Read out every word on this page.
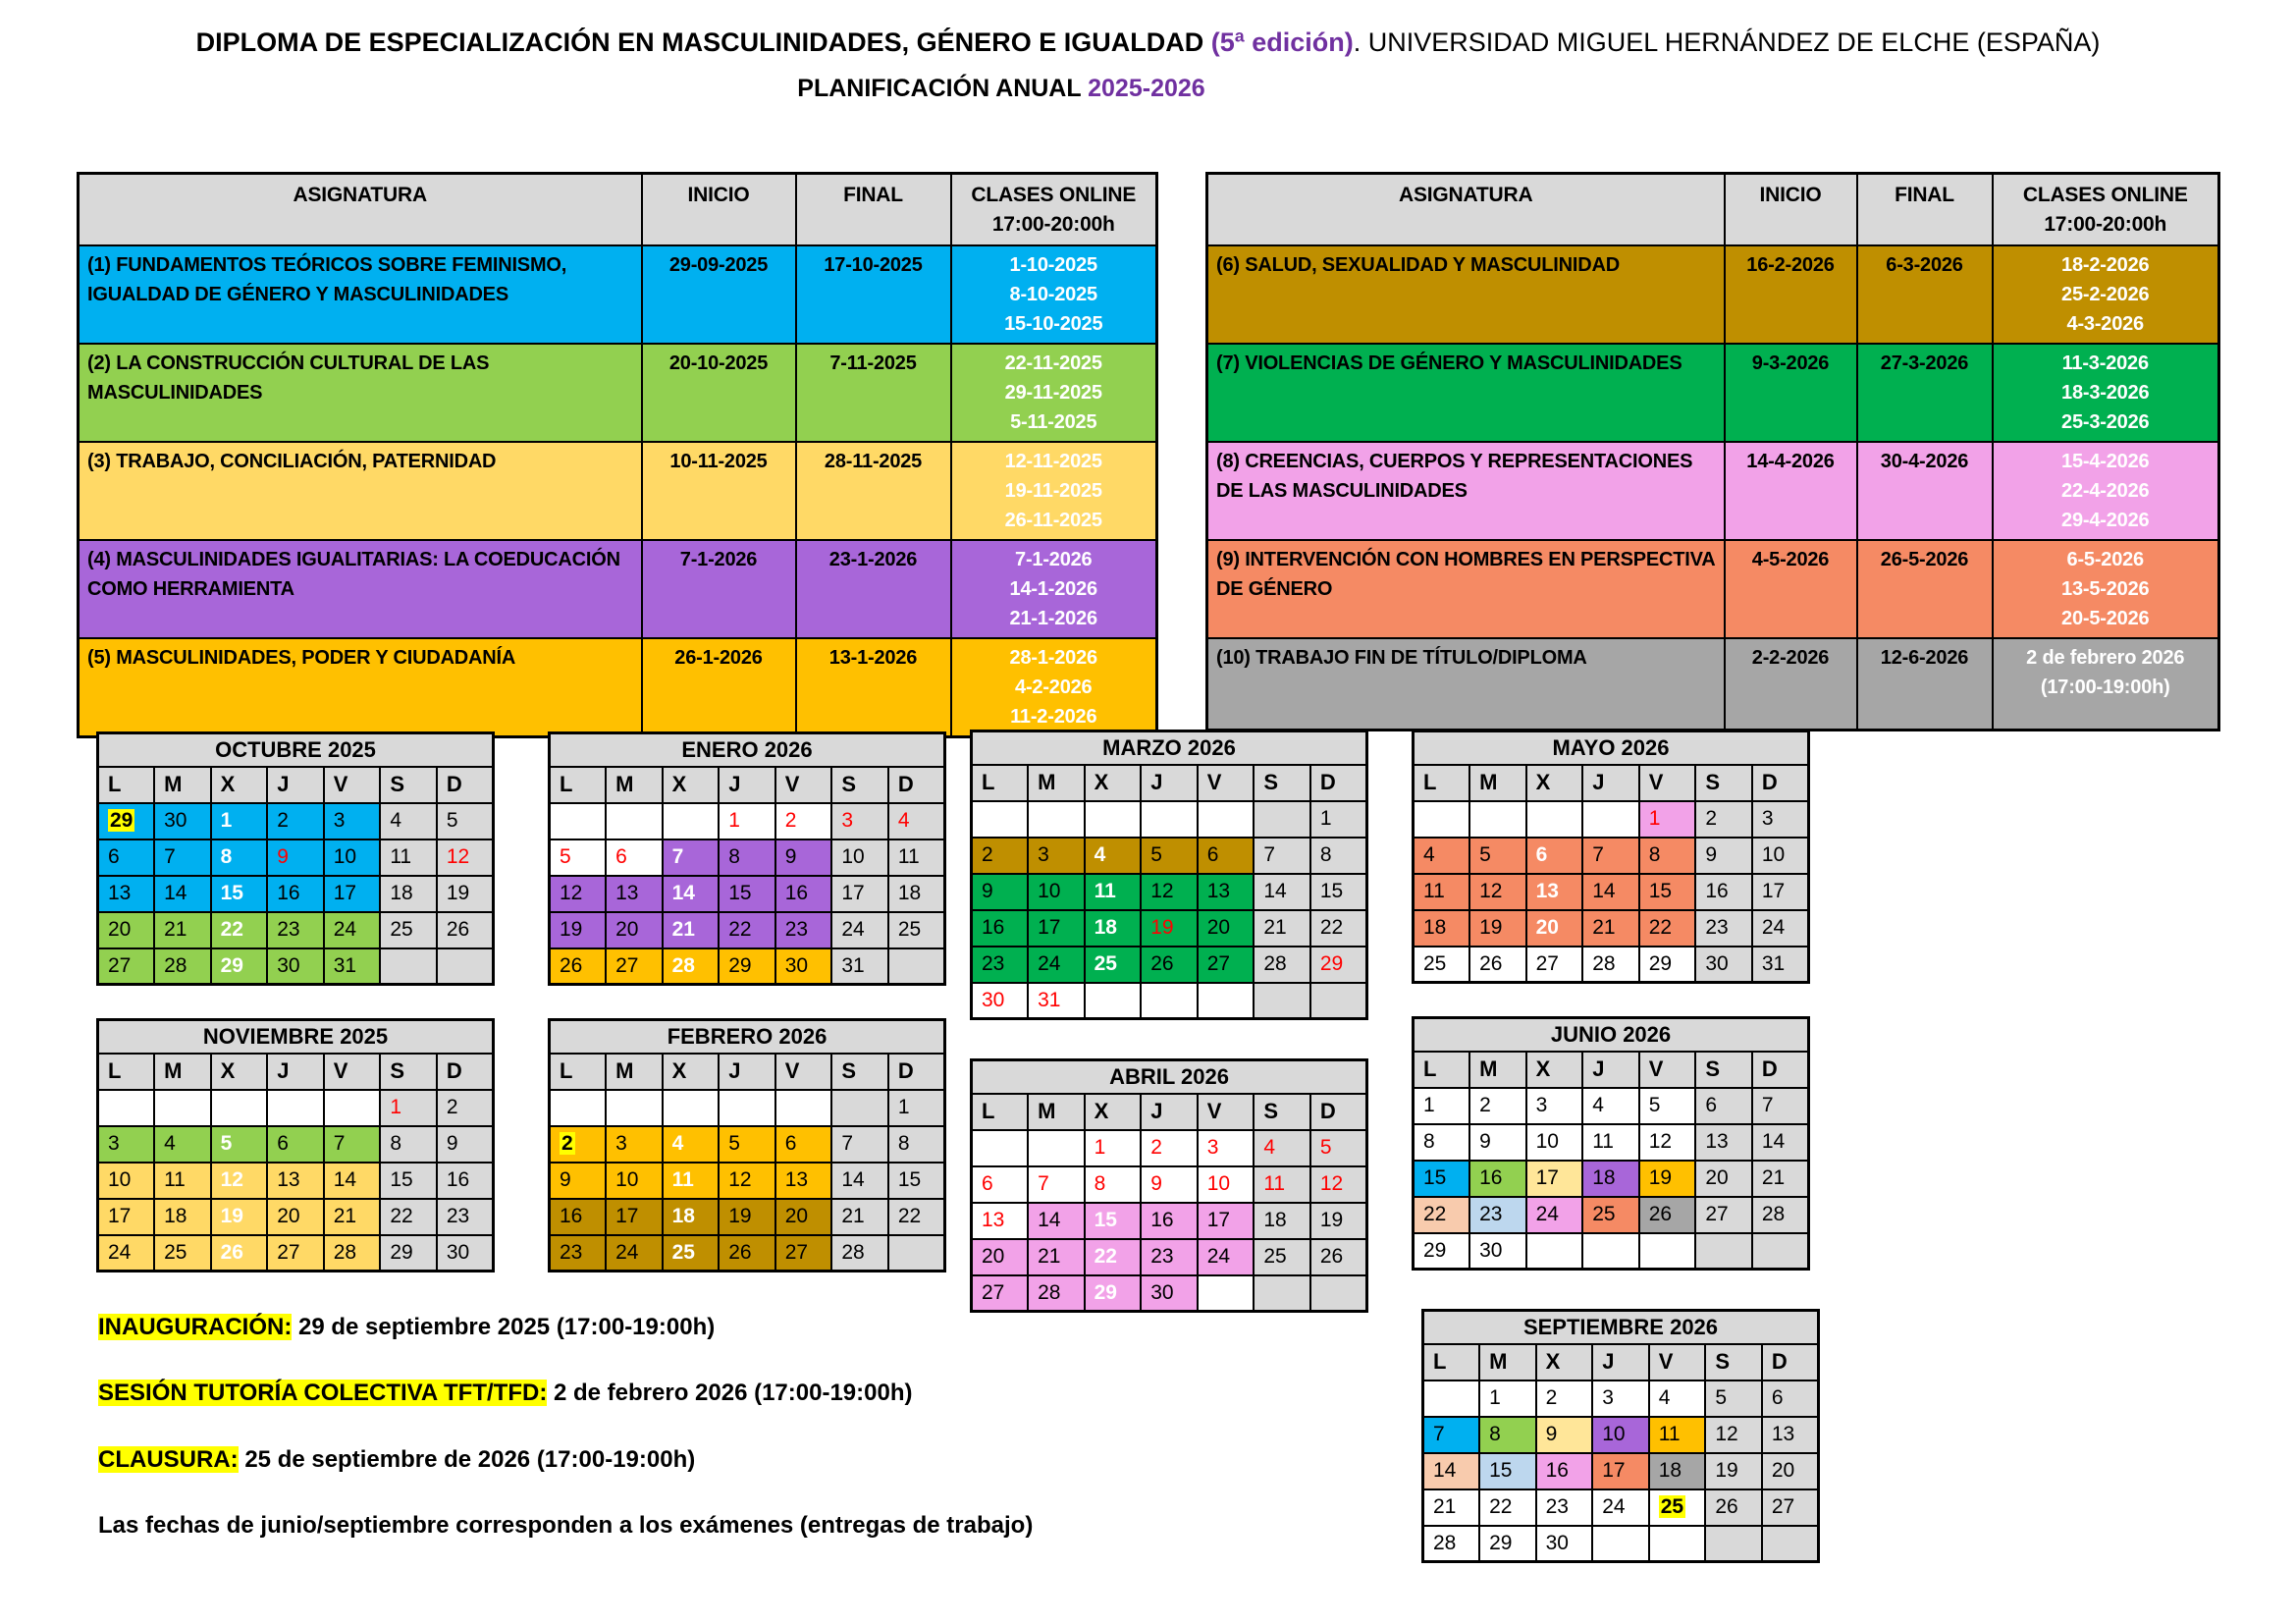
DIPLOMA DE ESPECIALIZACIÓN EN MASCULINIDADES, GÉNERO E IGUALDAD (5ª edición). UNIVERSIDAD MIGUEL HERNÁNDEZ DE ELCHE (ESPAÑA)
PLANIFICACIÓN ANUAL 2025-2026
ASIGNATURA	INICIO	FINAL	CLASES ONLINE
17:00-20:00h
(1) FUNDAMENTOS TEÓRICOS SOBRE FEMINISMO, IGUALDAD DE GÉNERO Y MASCULINIDADES	29-09-2025	17-10-2025	1-10-2025
8-10-2025
15-10-2025
(2) LA CONSTRUCCIÓN CULTURAL DE LAS MASCULINIDADES	20-10-2025	7-11-2025	22-11-2025
29-11-2025
5-11-2025
(3) TRABAJO, CONCILIACIÓN, PATERNIDAD	10-11-2025	28-11-2025	12-11-2025
19-11-2025
26-11-2025
(4) MASCULINIDADES IGUALITARIAS: LA COEDUCACIÓN COMO HERRAMIENTA	7-1-2026	23-1-2026	7-1-2026
14-1-2026
21-1-2026
(5) MASCULINIDADES, PODER Y CIUDADANÍA	26-1-2026	13-1-2026	28-1-2026
4-2-2026
11-2-2026
ASIGNATURA	INICIO	FINAL	CLASES ONLINE
17:00-20:00h
(6) SALUD, SEXUALIDAD Y MASCULINIDAD	16-2-2026	6-3-2026	18-2-2026
25-2-2026
4-3-2026
(7) VIOLENCIAS DE GÉNERO Y MASCULINIDADES	9-3-2026	27-3-2026	11-3-2026
18-3-2026
25-3-2026
(8) CREENCIAS, CUERPOS Y REPRESENTACIONES DE LAS MASCULINIDADES	14-4-2026	30-4-2026	15-4-2026
22-4-2026
29-4-2026
(9) INTERVENCIÓN CON HOMBRES EN PERSPECTIVA DE GÉNERO	4-5-2026	26-5-2026	6-5-2026
13-5-2026
20-5-2026
(10) TRABAJO FIN DE TÍTULO/DIPLOMA	2-2-2026	12-6-2026	2 de febrero 2026
(17:00-19:00h)
OCTUBRE 2025						
L	M	X	J	V	S	D
29	30	1	2	3	4	5
6	7	8	9	10	11	12
13	14	15	16	17	18	19
20	21	22	23	24	25	26
27	28	29	30	31		
ENERO 2026						
L	M	X	J	V	S	D
			1	2	3	4
5	6	7	8	9	10	11
12	13	14	15	16	17	18
19	20	21	22	23	24	25
26	27	28	29	30	31	
MARZO 2026						
L	M	X	J	V	S	D
						1
2	3	4	5	6	7	8
9	10	11	12	13	14	15
16	17	18	19	20	21	22
23	24	25	26	27	28	29
30	31					
MAYO 2026						
L	M	X	J	V	S	D
				1	2	3
4	5	6	7	8	9	10
11	12	13	14	15	16	17
18	19	20	21	22	23	24
25	26	27	28	29	30	31
NOVIEMBRE 2025						
L	M	X	J	V	S	D
					1	2
3	4	5	6	7	8	9
10	11	12	13	14	15	16
17	18	19	20	21	22	23
24	25	26	27	28	29	30
FEBRERO 2026						
L	M	X	J	V	S	D
						1
2	3	4	5	6	7	8
9	10	11	12	13	14	15
16	17	18	19	20	21	22
23	24	25	26	27	28	
ABRIL 2026						
L	M	X	J	V	S	D
		1	2	3	4	5
6	7	8	9	10	11	12
13	14	15	16	17	18	19
20	21	22	23	24	25	26
27	28	29	30			
JUNIO 2026						
L	M	X	J	V	S	D
1	2	3	4	5	6	7
8	9	10	11	12	13	14
15	16	17	18	19	20	21
22	23	24	25	26	27	28
29	30					
SEPTIEMBRE 2026						
L	M	X	J	V	S	D
	1	2	3	4	5	6
7	8	9	10	11	12	13
14	15	16	17	18	19	20
21	22	23	24	25	26	27
28	29	30				
INAUGURACIÓN: 29 de septiembre 2025 (17:00-19:00h)
SESIÓN TUTORÍA COLECTIVA TFT/TFD: 2 de febrero 2026 (17:00-19:00h)
CLAUSURA: 25 de septiembre de 2026 (17:00-19:00h)
Las fechas de junio/septiembre corresponden a los exámenes (entregas de trabajo)
